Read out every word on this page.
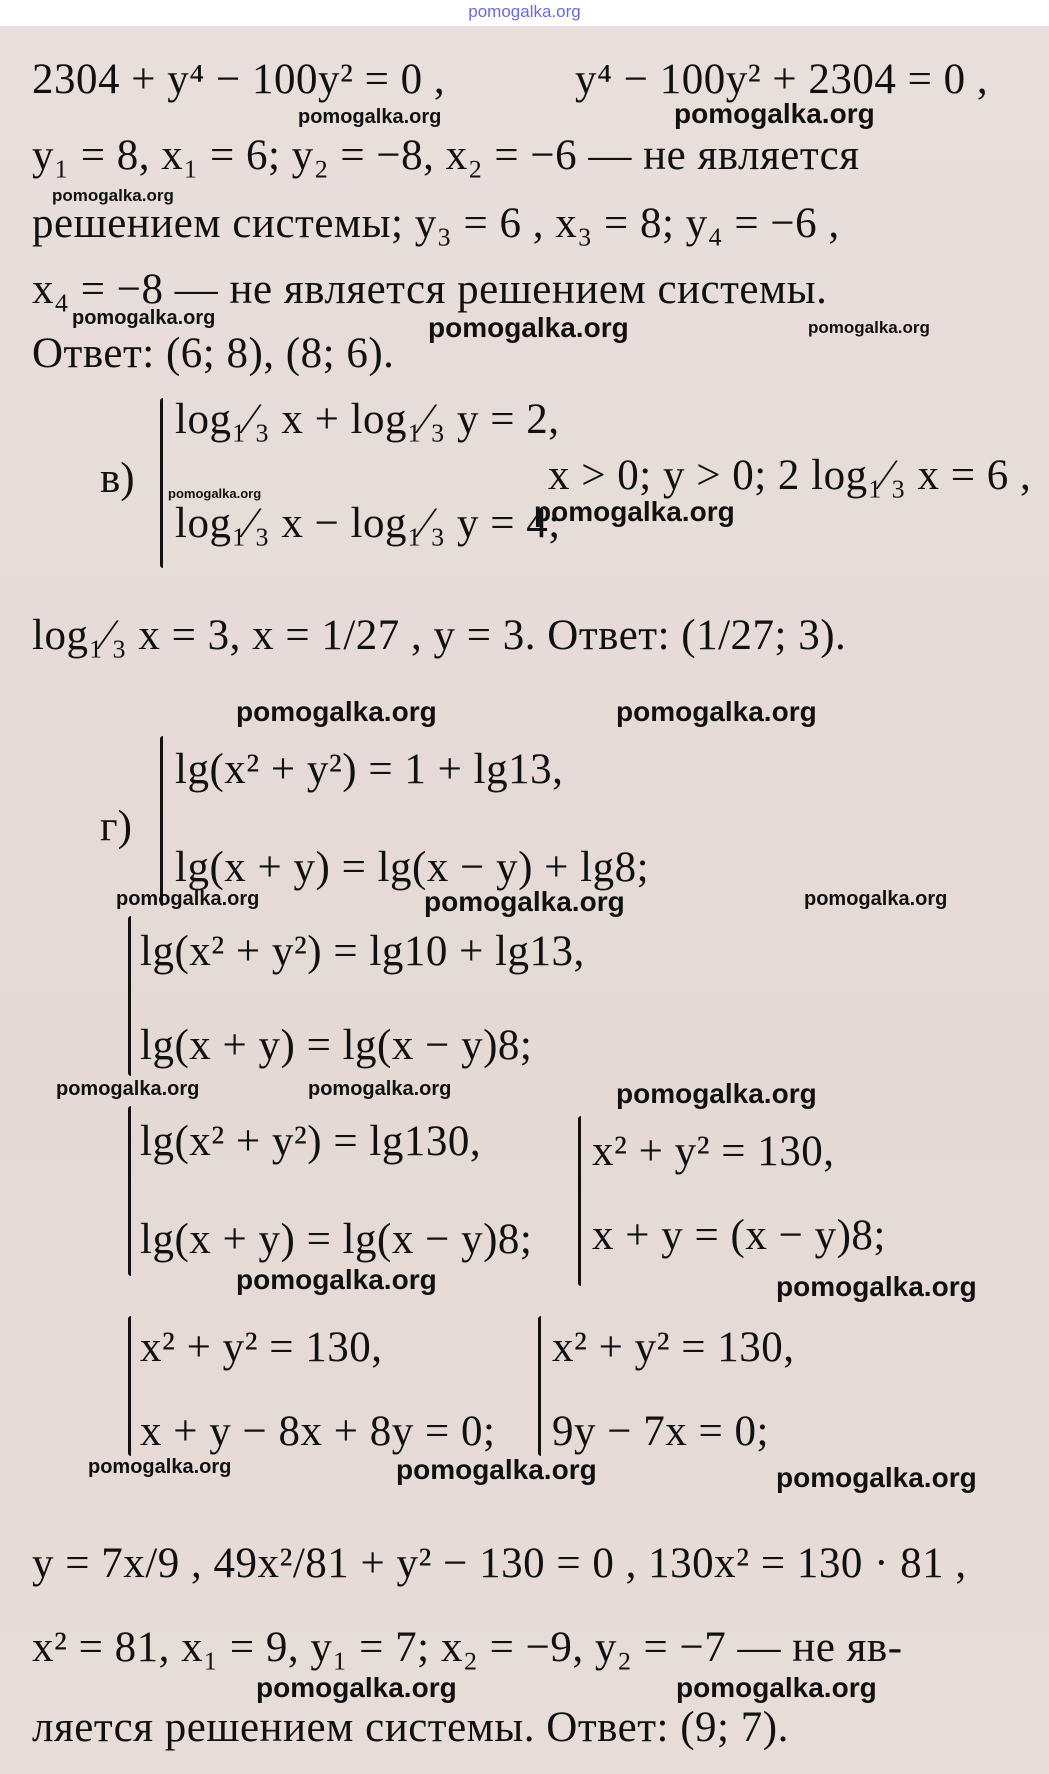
pomogalka.org
2304 + y⁴ − 100y² = 0 ,	y⁴ − 100y² + 2304 = 0 ,
pomogalka.org	pomogalka.org
y₁ = 8, x₁ = 6; y₂ = −8, x₂ = −6 — не является
pomogalka.org
решением системы; y₃ = 6 , x₃ = 8; y₄ = −6 ,
x₄ = −8 — не является решением системы.
pomogalka.org
Ответ: (6; 8), (8; 6).
pomogalka.org	pomogalka.org
в)
log₁⁄₃ x + log₁⁄₃ y = 2,
log₁⁄₃ x − log₁⁄₃ y = 4;
x > 0; y > 0; 2 log₁⁄₃ x = 6 ,
pomogalka.org
pomogalka.org
log₁⁄₃ x = 3, x = 1/27 , y = 3. Ответ: (1/27; 3).
pomogalka.org	pomogalka.org
г)
lg(x² + y²) = 1 + lg13,
lg(x + y) = lg(x − y) + lg8;
pomogalka.org	pomogalka.org	pomogalka.org
lg(x² + y²) = lg10 + lg13,
lg(x + y) = lg(x − y)8;
pomogalka.org	pomogalka.org	pomogalka.org
lg(x² + y²) = lg130,
lg(x + y) = lg(x − y)8;
x² + y² = 130,
x + y = (x − y)8;
pomogalka.org	pomogalka.org
x² + y² = 130,
x + y − 8x + 8y = 0;
x² + y² = 130,
9y − 7x = 0;
pomogalka.org	pomogalka.org	pomogalka.org
y = 7x/9 , 49x²/81 + y² − 130 = 0 , 130x² = 130 · 81 ,
x² = 81, x₁ = 9, y₁ = 7; x₂ = −9, y₂ = −7 — не яв-
pomogalka.org	pomogalka.org
ляется решением системы. Ответ: (9; 7).
